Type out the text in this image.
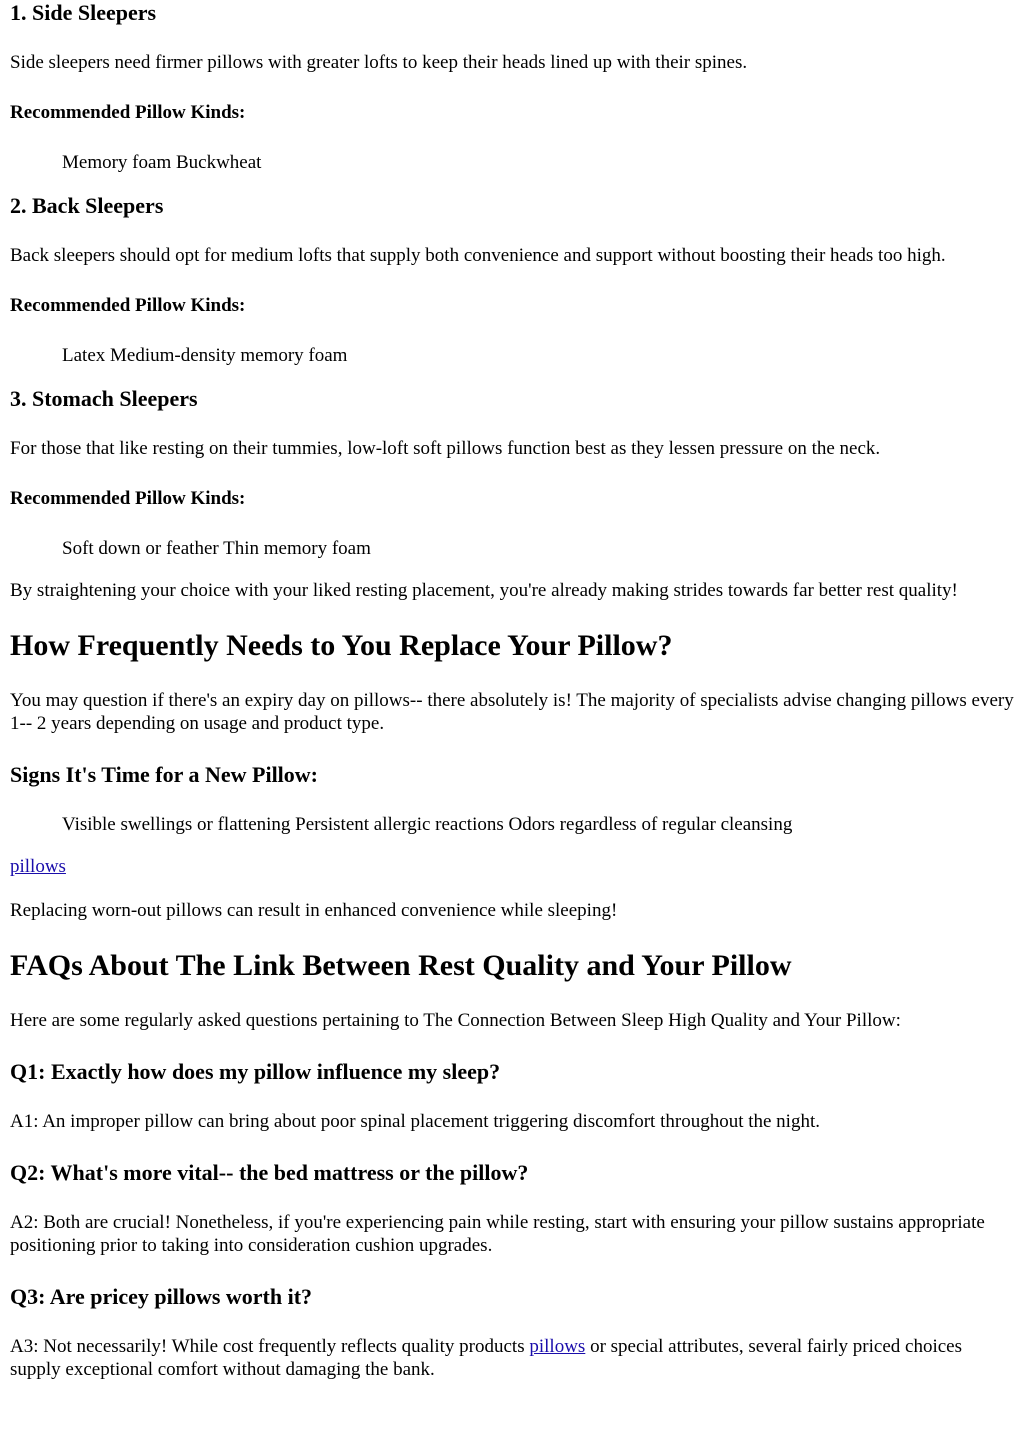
1. Side Sleepers

Side sleepers need firmer pillows with greater lofts to keep their heads lined up with their spines.

Recommended Pillow Kinds:

Memory foam Buckwheat

2. Back Sleepers

Back sleepers should opt for medium lofts that supply both convenience and support without boosting their heads too high.

Recommended Pillow Kinds:

Latex Medium-density memory foam

3. Stomach Sleepers

For those that like resting on their tummies, low-loft soft pillows function best as they lessen pressure on the neck.

Recommended Pillow Kinds:

Soft down or feather Thin memory foam

By straightening your choice with your liked resting placement, you're already making strides towards far better rest quality!

How Frequently Needs to You Replace Your Pillow?

You may question if there's an expiry day on pillows-- there absolutely is! The majority of specialists advise changing pillows every 1-- 2 years depending on usage and product type.

Signs It's Time for a New Pillow:

Visible swellings or flattening Persistent allergic reactions Odors regardless of regular cleansing

pillows

Replacing worn-out pillows can result in enhanced convenience while sleeping!

FAQs About The Link Between Rest Quality and Your Pillow

Here are some regularly asked questions pertaining to The Connection Between Sleep High Quality and Your Pillow:

Q1: Exactly how does my pillow influence my sleep?

A1: An improper pillow can bring about poor spinal placement triggering discomfort throughout the night.

Q2: What's more vital-- the bed mattress or the pillow?

A2: Both are crucial! Nonetheless, if you're experiencing pain while resting, start with ensuring your pillow sustains appropriate positioning prior to taking into consideration cushion upgrades.

Q3: Are pricey pillows worth it?

A3: Not necessarily! While cost frequently reflects quality products pillows or special attributes, several fairly priced choices supply exceptional comfort without damaging the bank.
